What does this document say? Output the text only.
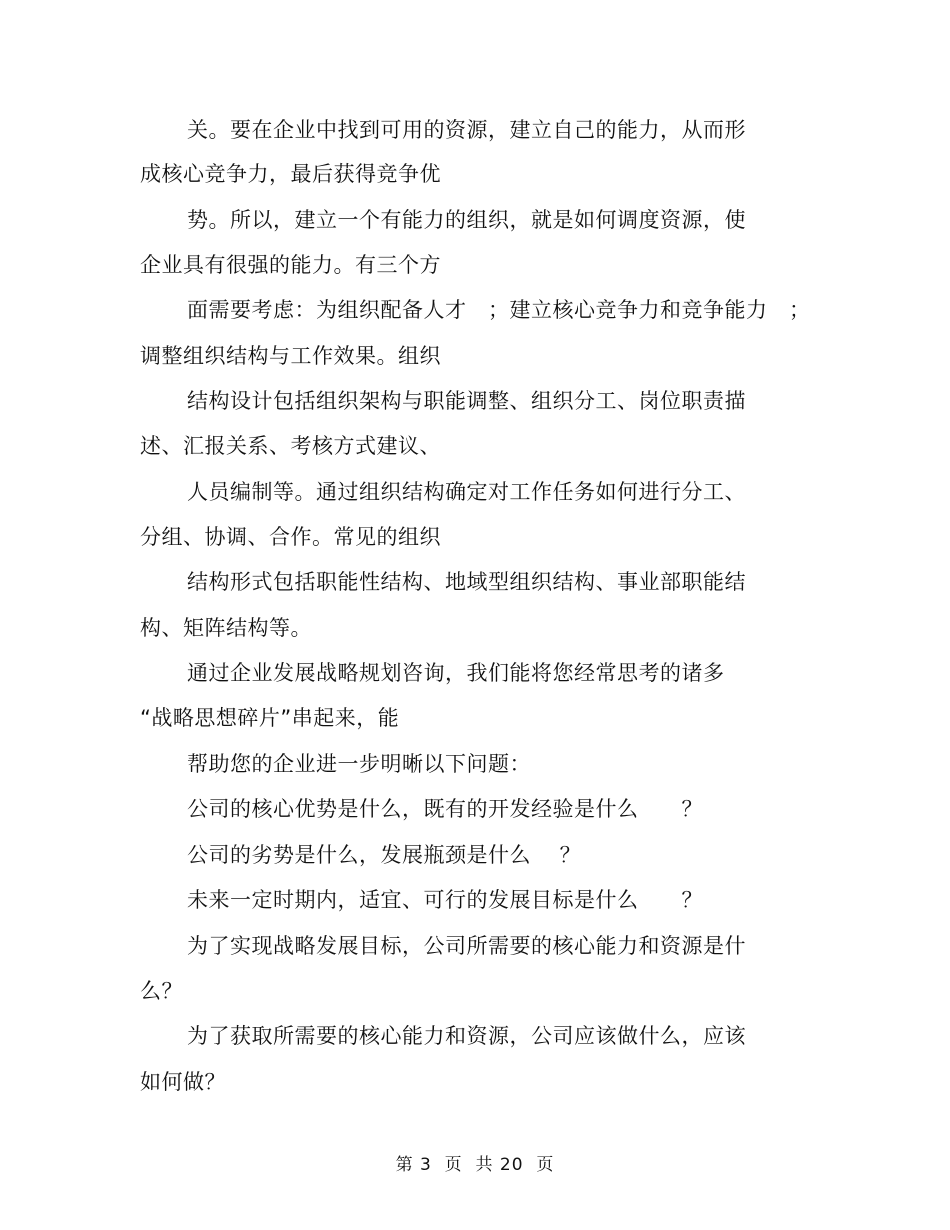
关。要在企业中找到可用的资源，建立自己的能力，从而形
成核心竞争力，最后获得竞争优
势。所以，建立一个有能力的组织，就是如何调度资源，使
企业具有很强的能力。有三个方
面需要考虑：为组织配备人才　；建立核心竞争力和竞争能力　；
调整组织结构与工作效果。组织
结构设计包括组织架构与职能调整、组织分工、岗位职责描
述、汇报关系、考核方式建议、
人员编制等。通过组织结构确定对工作任务如何进行分工、
分组、协调、合作。常见的组织
结构形式包括职能性结构、地域型组织结构、事业部职能结
构、矩阵结构等。
通过企业发展战略规划咨询，我们能将您经常思考的诸多
“战略思想碎片”串起来，能
帮助您的企业进一步明晰以下问题：
公司的核心优势是什么，既有的开发经验是什么　　？
公司的劣势是什么，发展瓶颈是什么　 ？
未来一定时期内，适宜、可行的发展目标是什么　　？
为了实现战略发展目标，公司所需要的核心能力和资源是什
么？
为了获取所需要的核心能力和资源，公司应该做什么，应该
如何做？
第 3  页  共 20  页
